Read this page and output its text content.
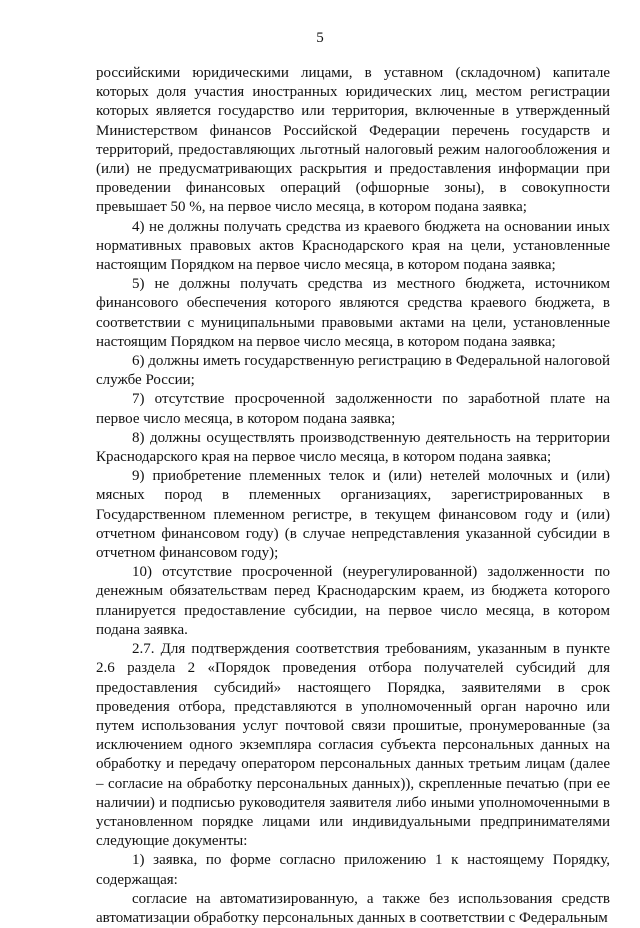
5

российскими юридическими лицами, в уставном (складочном) капитале которых доля участия иностранных юридических лиц, местом регистрации которых является государство или территория, включенные в утвержденный Министерством финансов Российской Федерации перечень государств и территорий, предоставляющих льготный налоговый режим налогообложения и (или) не предусматривающих раскрытия и предоставления информации при проведении финансовых операций (офшорные зоны), в совокупности превышает 50 %, на первое число месяца, в котором подана заявка;

4) не должны получать средства из краевого бюджета на основании иных нормативных правовых актов Краснодарского края на цели, установленные настоящим Порядком на первое число месяца, в котором подана заявка;

5) не должны получать средства из местного бюджета, источником финансового обеспечения которого являются средства краевого бюджета, в соответствии с муниципальными правовыми актами на цели, установленные настоящим Порядком на первое число месяца, в котором подана заявка;

6) должны иметь государственную регистрацию в Федеральной налоговой службе России;

7) отсутствие просроченной задолженности по заработной плате на первое число месяца, в котором подана заявка;

8) должны осуществлять производственную деятельность на территории Краснодарского края на первое число месяца, в котором подана заявка;

9) приобретение племенных телок и (или) нетелей молочных и (или) мясных пород в племенных организациях, зарегистрированных в Государственном племенном регистре, в текущем финансовом году и (или) отчетном финансовом году) (в случае непредставления указанной субсидии в отчетном финансовом году);

10) отсутствие просроченной (неурегулированной) задолженности по денежным обязательствам перед Краснодарским краем, из бюджета которого планируется предоставление субсидии, на первое число месяца, в котором подана заявка.

2.7. Для подтверждения соответствия требованиям, указанным в пункте 2.6 раздела 2 «Порядок проведения отбора получателей субсидий для предоставления субсидий» настоящего Порядка, заявителями в срок проведения отбора, представляются в уполномоченный орган нарочно или путем использования услуг почтовой связи прошитые, пронумерованные (за исключением одного экземпляра согласия субъекта персональных данных на обработку и передачу оператором персональных данных третьим лицам (далее – согласие на обработку персональных данных)), скрепленные печатью (при ее наличии) и подписью руководителя заявителя либо иными уполномоченными в установленном порядке лицами или индивидуальными предпринимателями следующие документы:

1) заявка, по форме согласно приложению 1 к настоящему Порядку, содержащая:

согласие на автоматизированную, а также без использования средств автоматизации обработку персональных данных в соответствии с Федеральным
